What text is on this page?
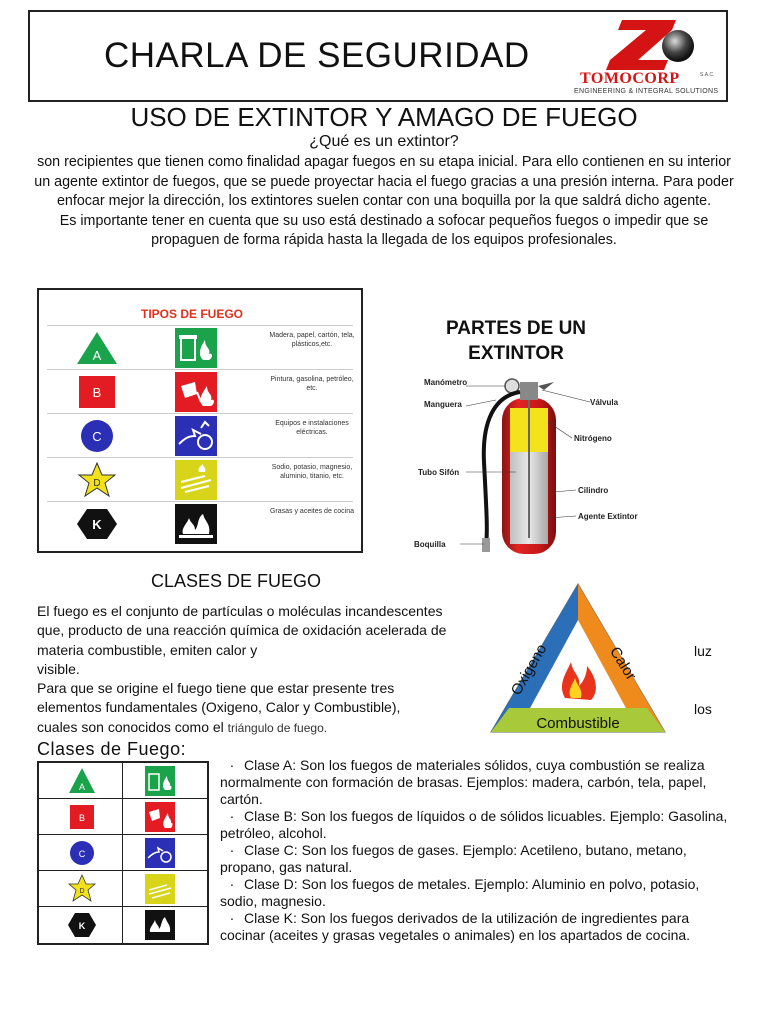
CHARLA DE SEGURIDAD
TOMOCORP	S.A.C.
ENGINEERING & INTEGRAL SOLUTIONS
USO DE EXTINTOR Y AMAGO DE FUEGO
¿Qué es un extintor?

son recipientes que tienen como finalidad apagar fuegos en su etapa inicial. Para ello contienen en su interior un agente extintor de fuegos, que se puede proyectar hacia el fuego gracias a una presión interna. Para poder enfocar mejor la dirección, los extintores suelen contar con una boquilla por la que saldrá dicho agente.

Es importante tener en cuenta que su uso está destinado a sofocar pequeños fuegos o impedir que se propaguen de forma rápida hasta la llegada de los equipos profesionales.

TIPOS DE FUEGO
A
Madera, papel, cartón, tela, plásticos,etc.
B
Pintura, gasolina, petróleo, etc.
C
Equipos e instalaciones eléctricas.
D
Sodio, potasio, magnesio, aluminio, titanio, etc.
K
Grasas y aceites de cocina
PARTES DE UN
EXTINTOR
Manómetro
Manguera	Válvula
Nitrógeno
Tubo Sifón
Cilindro
Agente Extintor
Boquilla
CLASES DE FUEGO
El fuego es el conjunto de partículas o moléculas incandescentes que, producto de una reacción química de oxidación acelerada de materia combustible, emiten calor y
visible.
Para que se origine el fuego tiene que estar presente tres elementos fundamentales (Oxigeno, Calor y Combustible),
cuales son conocidos como el triángulo de fuego.
luz
los
Oxigeno	Calor
Combustible
Clases de Fuego:
A
B
C
D
K

· Clase A: Son los fuegos de materiales sólidos, cuya combustión se realiza normalmente con formación de brasas. Ejemplos: madera, carbón, tela, papel, cartón.

· Clase B: Son los fuegos de líquidos o de sólidos licuables. Ejemplo: Gasolina, petróleo, alcohol.

· Clase C: Son los fuegos de gases. Ejemplo: Acetileno, butano, metano, propano, gas natural.

· Clase D: Son los fuegos de metales. Ejemplo: Aluminio en polvo, potasio, sodio, magnesio.

· Clase K: Son los fuegos derivados de la utilización de ingredientes para cocinar (aceites y grasas vegetales o animales) en los apartados de cocina.
